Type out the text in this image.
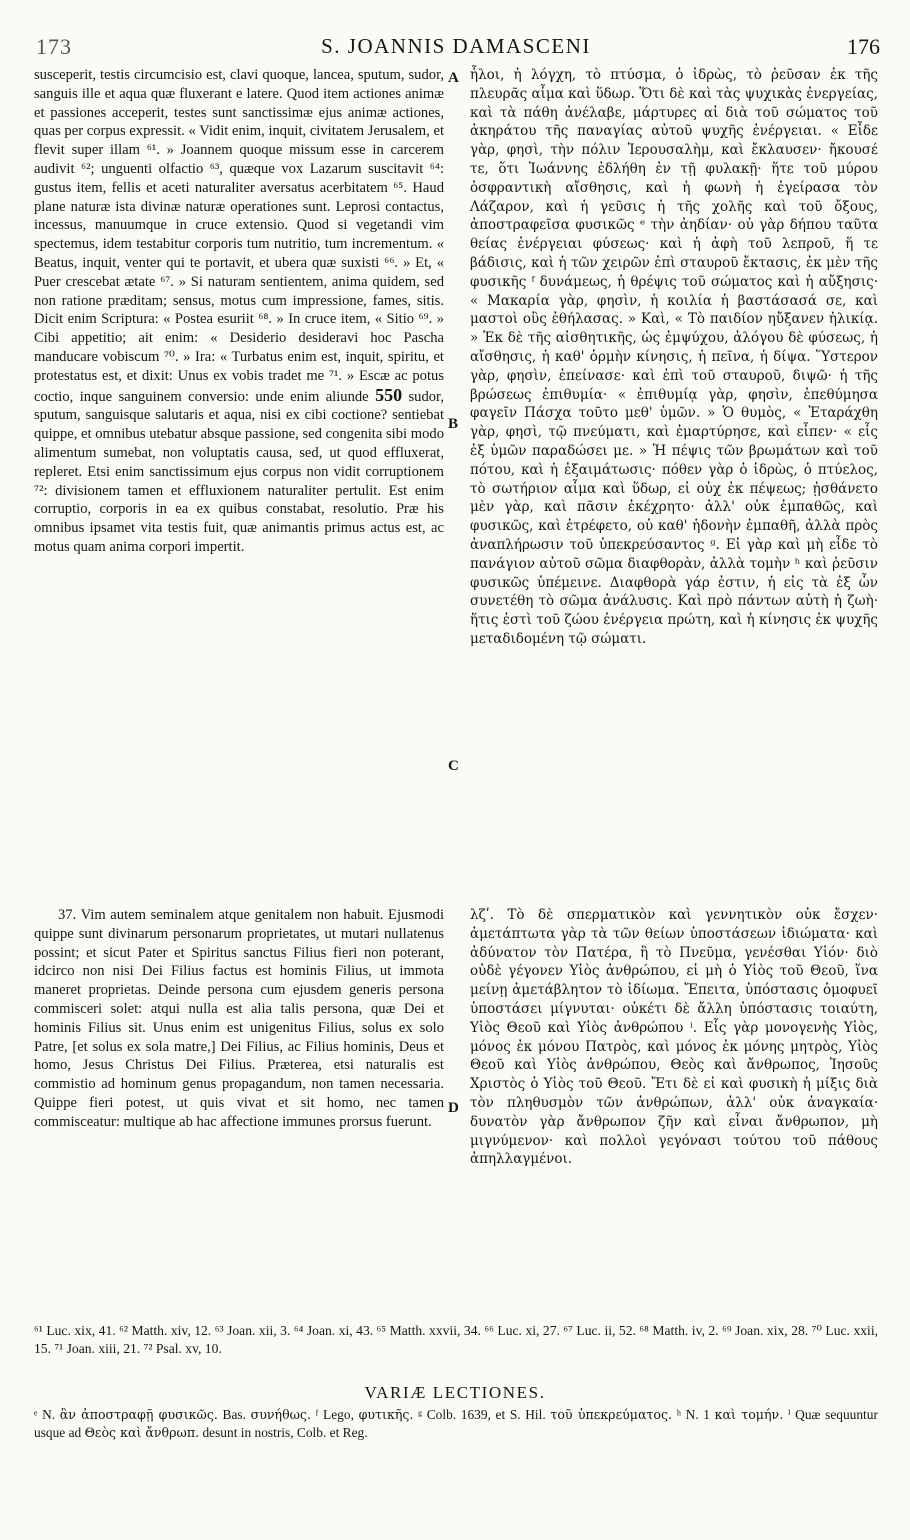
173	S. JOANNIS DAMASCENI	176

susceperit, testis circumcisio est, clavi quoque, lancea, sputum, sudor, sanguis ille et aqua quæ fluxerant e latere. Quod item actiones animæ et passiones acceperit, testes sunt sanctissimæ ejus animæ actiones, quas per corpus expressit. « Vidit enim, inquit, civitatem Jerusalem, et flevit super illam ⁶¹. » Joannem quoque missum esse in carcerem audivit ⁶²; unguenti olfactio ⁶³, quæque vox Lazarum suscitavit ⁶⁴: gustus item, fellis et aceti naturaliter aversatus acerbitatem ⁶⁵. Haud plane naturæ ista divinæ naturæ operationes sunt. Leprosi contactus, incessus, manuumque in cruce extensio. Quod si vegetandi vim spectemus, idem testabitur corporis tum nutritio, tum incrementum. « Beatus, inquit, venter qui te portavit, et ubera quæ suxisti ⁶⁶. » Et, « Puer crescebat ætate ⁶⁷. » Si naturam sentientem, anima quidem, sed non ratione præditam; sensus, motus cum impressione, fames, sitis. Dicit enim Scriptura: « Postea esuriit ⁶⁸. » In cruce item, « Sitio ⁶⁹. » Cibi appetitio; ait enim: « Desiderio desideravi hoc Pascha manducare vobiscum ⁷⁰. » Ira: « Turbatus enim est, inquit, spiritu, et protestatus est, et dixit: Unus ex vobis tradet me ⁷¹. » Escæ ac potus coctio, inque sanguinem conversio: unde enim aliunde 550 sudor, sputum, sanguisque salutaris et aqua, nisi ex cibi coctione? sentiebat quippe, et omnibus utebatur absque passione, sed congenita sibi modo alimentum sumebat, non voluptatis causa, sed, ut quod effluxerat, repleret. Etsi enim sanctissimum ejus corpus non vidit corruptionem ⁷²: divisionem tamen et effluxionem naturaliter pertulit. Est enim corruptio, corporis in ea ex quibus constabat, resolutio. Præ his omnibus ipsamet vita testis fuit, quæ animantis primus actus est, ac motus quam anima corpori impertit.

ἧλοι, ἡ λόγχη, τὸ πτύσμα, ὁ ἱδρὼς, τὸ ῥεῦσαν ἐκ τῆς πλευρᾶς αἷμα καὶ ὕδωρ. Ὅτι δὲ καὶ τὰς ψυχικὰς ἐνεργείας, καὶ τὰ πάθη ἀνέλαβε, μάρτυρες αἱ διὰ τοῦ σώματος τοῦ ἀκηράτου τῆς παναγίας αὐτοῦ ψυχῆς ἐνέργειαι. « Εἶδε γὰρ, φησὶ, τὴν πόλιν Ἱερουσαλὴμ, καὶ ἔκλαυσεν· ἤκουσέ τε, ὅτι Ἰωάννης ἐδλήθη ἐν τῇ φυλακῇ· ἥτε τοῦ μύρου ὀσφραντικὴ αἴσθησις, καὶ ἡ φωνὴ ἡ ἐγείρασα τὸν Λάζαρον, καὶ ἡ γεῦσις ἡ τῆς χολῆς καὶ τοῦ ὄξους, ἀποστραφεῖσα φυσικῶς ᵉ τὴν ἀηδίαν· οὐ γὰρ δήπου ταῦτα θείας ἐνέργειαι φύσεως· καὶ ἡ ἀφὴ τοῦ λεπροῦ, ἥ τε βάδισις, καὶ ἡ τῶν χειρῶν ἐπὶ σταυροῦ ἔκτασις, ἐκ μὲν τῆς φυσικῆς ᶠ δυνάμεως, ἡ θρέψις τοῦ σώματος καὶ ἡ αὔξησις· « Μακαρία γὰρ, φησὶν, ἡ κοιλία ἡ βαστάσασά σε, καὶ μαστοὶ οὓς ἐθήλασας. » Καὶ, « Τὸ παιδίον ηὔξανεν ἡλικίᾳ. » Ἐκ δὲ τῆς αἰσθητικῆς, ὡς ἐμψύχου, ἀλόγου δὲ φύσεως, ἡ αἴσθησις, ἡ καθ' ὁρμὴν κίνησις, ἡ πεῖνα, ἡ δίψα. Ὕστερον γὰρ, φησὶν, ἐπείνασε· καὶ ἐπὶ τοῦ σταυροῦ, διψῶ· ἡ τῆς βρώσεως ἐπιθυμία· « ἐπιθυμίᾳ γὰρ, φησὶν, ἐπεθύμησα φαγεῖν Πάσχα τοῦτο μεθ' ὑμῶν. » Ὁ θυμὸς, « Ἐταράχθη γὰρ, φησὶ, τῷ πνεύματι, καὶ ἐμαρτύρησε, καὶ εἶπεν· « εἷς ἐξ ὑμῶν παραδώσει με. » Ἡ πέψις τῶν βρωμάτων καὶ τοῦ πότου, καὶ ἡ ἐξαιμάτωσις· πόθεν γὰρ ὁ ἱδρὼς, ὁ πτύελος, τὸ σωτήριον αἷμα καὶ ὕδωρ, εἰ οὐχ ἐκ πέψεως; ᾐσθάνετο μὲν γὰρ, καὶ πᾶσιν ἐκέχρητο· ἀλλ' οὐκ ἐμπαθῶς, καὶ φυσικῶς, καὶ ἐτρέφετο, οὐ καθ' ἡδονὴν ἐμπαθῆ, ἀλλὰ πρὸς ἀναπλήρωσιν τοῦ ὑπεκρεύσαντος ᵍ. Εἰ γὰρ καὶ μὴ εἶδε τὸ πανάγιον αὐτοῦ σῶμα διαφθορὰν, ἀλλὰ τομὴν ʰ καὶ ῥεῦσιν φυσικῶς ὑπέμεινε. Διαφθορὰ γάρ ἐστιν, ἡ εἰς τὰ ἐξ ὧν συνετέθη τὸ σῶμα ἀνάλυσις. Καὶ πρὸ πάντων αὐτὴ ἡ ζωὴ· ἥτις ἐστὶ τοῦ ζώου ἐνέργεια πρώτη, καὶ ἡ κίνησις ἐκ ψυχῆς μεταδιδομένη τῷ σώματι.

A
B
C
D

37. Vim autem seminalem atque genitalem non habuit. Ejusmodi quippe sunt divinarum personarum proprietates, ut mutari nullatenus possint; et sicut Pater et Spiritus sanctus Filius fieri non poterant, idcirco non nisi Dei Filius factus est hominis Filius, ut immota maneret proprietas. Deinde persona cum ejusdem generis persona commisceri solet: atqui nulla est alia talis persona, quæ Dei et hominis Filius sit. Unus enim est unigenitus Filius, solus ex solo Patre, [et solus ex sola matre,] Dei Filius, ac Filius hominis, Deus et homo, Jesus Christus Dei Filius. Præterea, etsi naturalis est commistio ad hominum genus propagandum, non tamen necessaria. Quippe fieri potest, ut quis vivat et sit homo, nec tamen commisceatur: multique ab hac affectione immunes prorsus fuerunt.

λζʹ. Τὸ δὲ σπερματικὸν καὶ γεννητικὸν οὐκ ἔσχεν· ἀμετάπτωτα γὰρ τὰ τῶν θείων ὑποστάσεων ἰδιώματα· καὶ ἀδύνατον τὸν Πατέρα, ἢ τὸ Πνεῦμα, γενέσθαι Υἱόν· διὸ οὐδὲ γέγονεν Υἱὸς ἀνθρώπου, εἰ μὴ ὁ Υἱὸς τοῦ Θεοῦ, ἵνα μείνῃ ἀμετάβλητον τὸ ἰδίωμα. Ἔπειτα, ὑπόστασις ὁμοφυεῖ ὑποστάσει μίγνυται· οὐκέτι δὲ ἄλλη ὑπόστασις τοιαύτη, Υἱὸς Θεοῦ καὶ Υἱὸς ἀνθρώπου ⁱ. Εἷς γὰρ μονογενὴς Υἱὸς, μόνος ἐκ μόνου Πατρὸς, καὶ μόνος ἐκ μόνης μητρὸς, Υἱὸς Θεοῦ καὶ Υἱὸς ἀνθρώπου, Θεὸς καὶ ἄνθρωπος, Ἰησοῦς Χριστὸς ὁ Υἱὸς τοῦ Θεοῦ. Ἔτι δὲ εἰ καὶ φυσικὴ ἡ μίξις διὰ τὸν πληθυσμὸν τῶν ἀνθρώπων, ἀλλ' οὐκ ἀναγκαία· δυνατὸν γὰρ ἄνθρωπον ζῆν καὶ εἶναι ἄνθρωπον, μὴ μιγνύμενον· καὶ πολλοὶ γεγόνασι τούτου τοῦ πάθους ἀπηλλαγμένοι.

⁶¹ Luc. xix, 41. ⁶² Matth. xiv, 12. ⁶³ Joan. xii, 3. ⁶⁴ Joan. xi, 43. ⁶⁵ Matth. xxvii, 34. ⁶⁶ Luc. xi, 27. ⁶⁷ Luc. ii, 52. ⁶⁸ Matth. iv, 2. ⁶⁹ Joan. xix, 28. ⁷⁰ Luc. xxii, 15. ⁷¹ Joan. xiii, 21. ⁷² Psal. xv, 10.
VARIÆ LECTIONES.
ᵉ N. ἂν ἀποστραφῇ φυσικῶς. Bas. συνήθως. ᶠ Lego, φυτικῆς. ᵍ Colb. 1639, et S. Hil. τοῦ ὑπεκρεύματος. ʰ N. 1 καὶ τομήν. ⁱ Quæ sequuntur usque ad Θεὸς καὶ ἄνθρωπ. desunt in nostris, Colb. et Reg.
